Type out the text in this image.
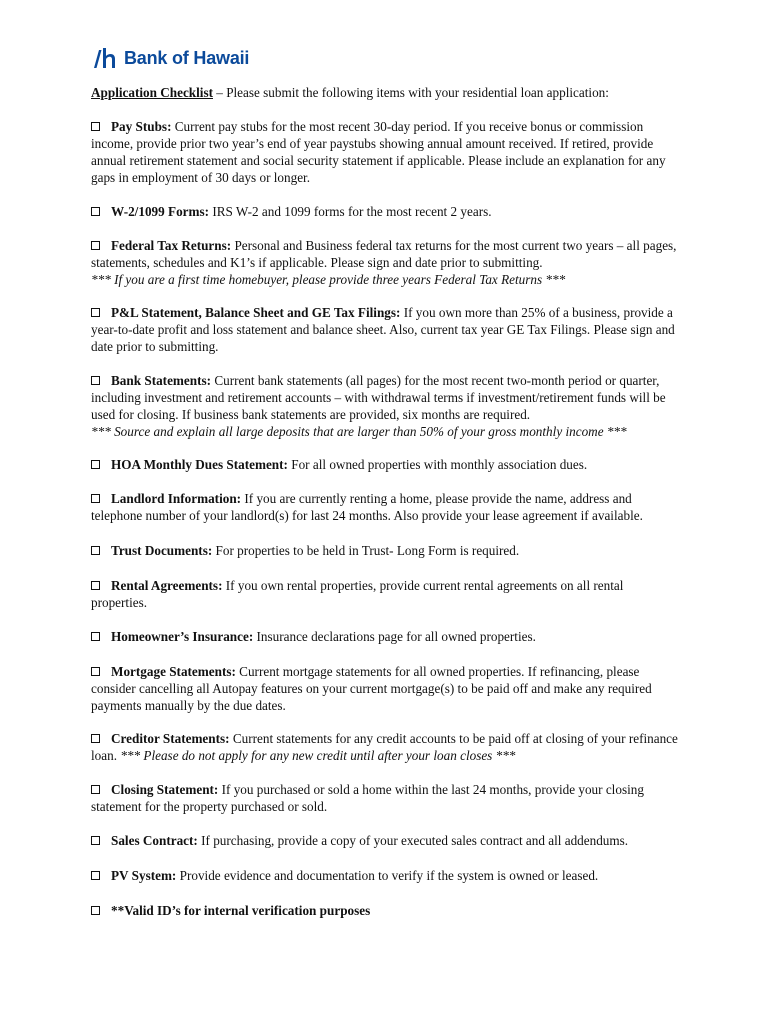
Bank of Hawaii
Application Checklist – Please submit the following items with your residential loan application:
Pay Stubs: Current pay stubs for the most recent 30-day period. If you receive bonus or commission income, provide prior two year’s end of year paystubs showing annual amount received. If retired, provide annual retirement statement and social security statement if applicable. Please include an explanation for any gaps in employment of 30 days or longer.
W-2/1099 Forms: IRS W-2 and 1099 forms for the most recent 2 years.
Federal Tax Returns: Personal and Business federal tax returns for the most current two years – all pages, statements, schedules and K1’s if applicable. Please sign and date prior to submitting.
*** If you are a first time homebuyer, please provide three years Federal Tax Returns ***
P&L Statement, Balance Sheet and GE Tax Filings: If you own more than 25% of a business, provide a year-to-date profit and loss statement and balance sheet. Also, current tax year GE Tax Filings. Please sign and date prior to submitting.
Bank Statements: Current bank statements (all pages) for the most recent two-month period or quarter, including investment and retirement accounts – with withdrawal terms if investment/retirement funds will be used for closing. If business bank statements are provided, six months are required.
*** Source and explain all large deposits that are larger than 50% of your gross monthly income ***
HOA Monthly Dues Statement: For all owned properties with monthly association dues.
Landlord Information: If you are currently renting a home, please provide the name, address and telephone number of your landlord(s) for last 24 months. Also provide your lease agreement if available.
Trust Documents: For properties to be held in Trust- Long Form is required.
Rental Agreements: If you own rental properties, provide current rental agreements on all rental properties.
Homeowner’s Insurance: Insurance declarations page for all owned properties.
Mortgage Statements: Current mortgage statements for all owned properties. If refinancing, please consider cancelling all Autopay features on your current mortgage(s) to be paid off and make any required payments manually by the due dates.
Creditor Statements: Current statements for any credit accounts to be paid off at closing of your refinance loan. *** Please do not apply for any new credit until after your loan closes ***
Closing Statement: If you purchased or sold a home within the last 24 months, provide your closing statement for the property purchased or sold.
Sales Contract: If purchasing, provide a copy of your executed sales contract and all addendums.
PV System: Provide evidence and documentation to verify if the system is owned or leased.
**Valid ID’s for internal verification purposes
